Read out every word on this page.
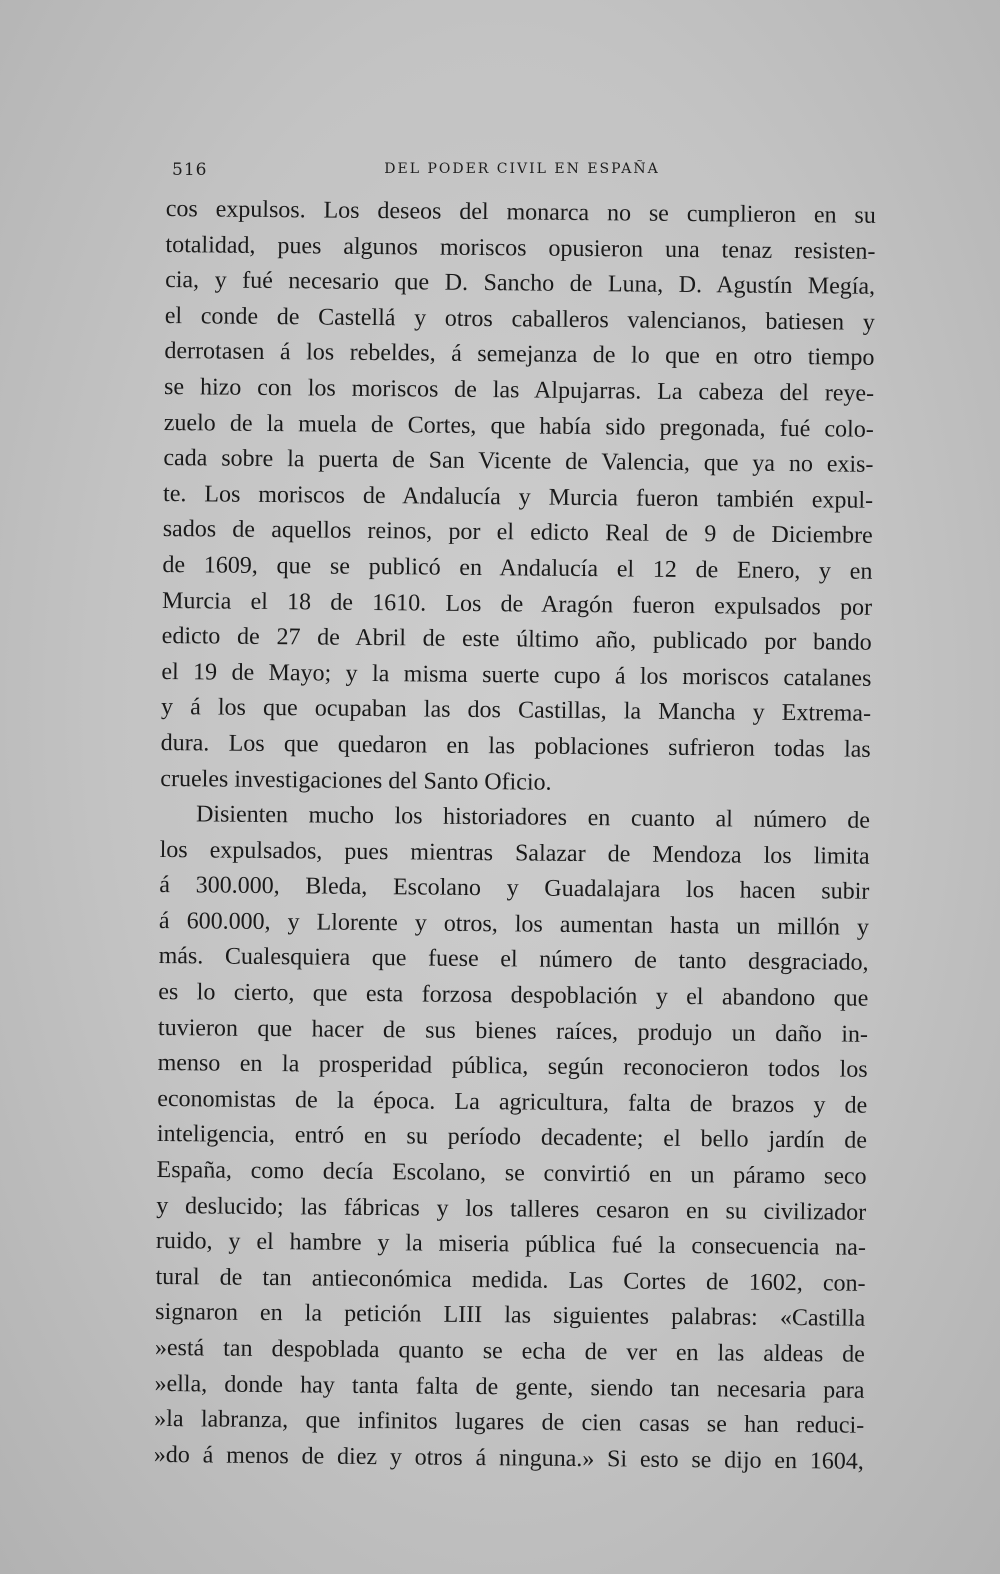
516	DEL PODER CIVIL EN ESPAÑA
cos expulsos. Los deseos del monarca no se cumplieron en su
totalidad, pues algunos moriscos opusieron una tenaz resisten-
cia, y fué necesario que D. Sancho de Luna, D. Agustín Megía,
el conde de Castellá y otros caballeros valencianos, batiesen y
derrotasen á los rebeldes, á semejanza de lo que en otro tiempo
se hizo con los moriscos de las Alpujarras. La cabeza del reye-
zuelo de la muela de Cortes, que había sido pregonada, fué colo-
cada sobre la puerta de San Vicente de Valencia, que ya no exis-
te. Los moriscos de Andalucía y Murcia fueron también expul-
sados de aquellos reinos, por el edicto Real de 9 de Diciembre
de 1609, que se publicó en Andalucía el 12 de Enero, y en
Murcia el 18 de 1610. Los de Aragón fueron expulsados por
edicto de 27 de Abril de este último año, publicado por bando
el 19 de Mayo; y la misma suerte cupo á los moriscos catalanes
y á los que ocupaban las dos Castillas, la Mancha y Extrema-
dura. Los que quedaron en las poblaciones sufrieron todas las
crueles investigaciones del Santo Oficio.
Disienten mucho los historiadores en cuanto al número de
los expulsados, pues mientras Salazar de Mendoza los limita
á 300.000, Bleda, Escolano y Guadalajara los hacen subir
á 600.000, y Llorente y otros, los aumentan hasta un millón y
más. Cualesquiera que fuese el número de tanto desgraciado,
es lo cierto, que esta forzosa despoblación y el abandono que
tuvieron que hacer de sus bienes raíces, produjo un daño in-
menso en la prosperidad pública, según reconocieron todos los
economistas de la época. La agricultura, falta de brazos y de
inteligencia, entró en su período decadente; el bello jardín de
España, como decía Escolano, se convirtió en un páramo seco
y deslucido; las fábricas y los talleres cesaron en su civilizador
ruido, y el hambre y la miseria pública fué la consecuencia na-
tural de tan antieconómica medida. Las Cortes de 1602, con-
signaron en la petición LIII las siguientes palabras: «Castilla
»está tan despoblada quanto se echa de ver en las aldeas de
»ella, donde hay tanta falta de gente, siendo tan necesaria para
»la labranza, que infinitos lugares de cien casas se han reduci-
»do á menos de diez y otros á ninguna.» Si esto se dijo en 1604,
